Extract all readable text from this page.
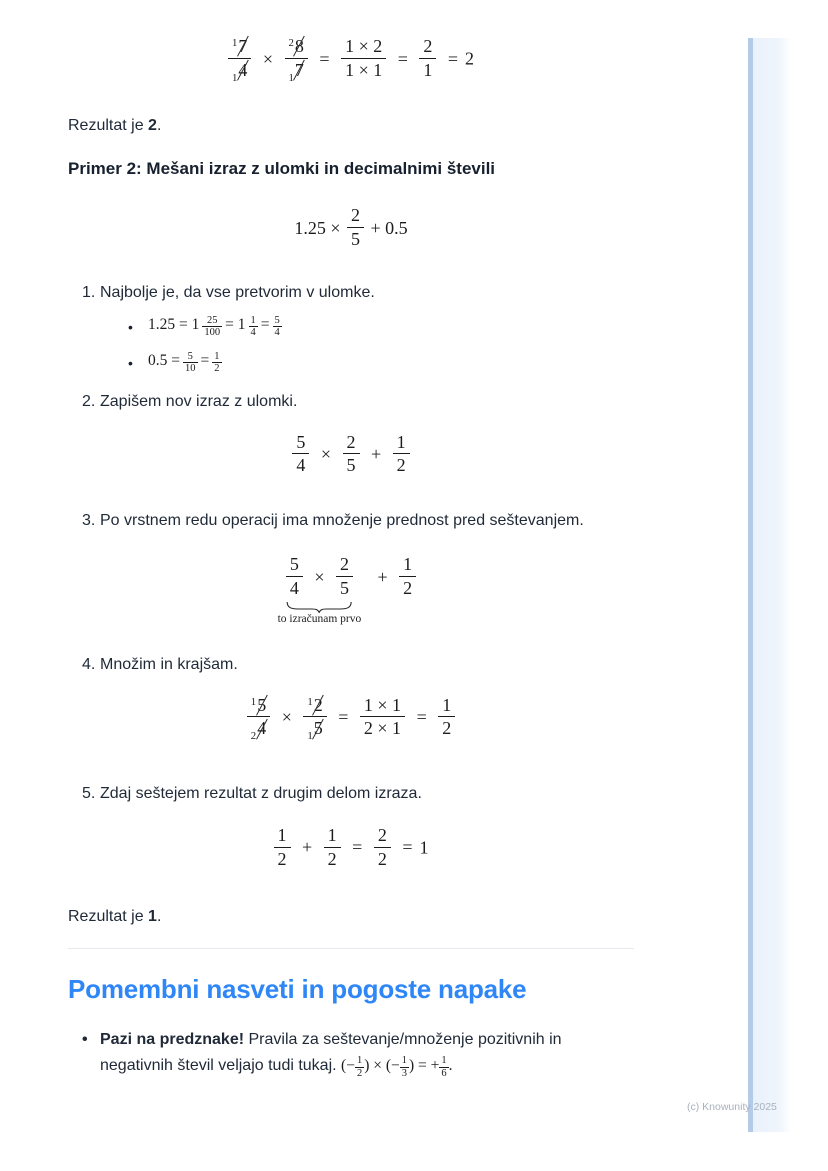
$\frac{^17}{_14} \times \frac{^28}{_17} = \frac{1 \times 2}{1 \times 1} = \frac{2}{1} = 2$

Rezultat je 2.

Primer 2: Mešani izraz z ulomki in decimalnimi števili
$1.25 \times \frac{2}{5} + 0.5$
1. Najbolje je, da vse pretvorim v ulomke.
• $1.25 = 1 \frac{25}{100} = 1 \frac{1}{4} = \frac{5}{4}$
• $0.5 = \frac{5}{10} = \frac{1}{2}$
2. Zapišem nov izraz z ulomki.
$\frac{5}{4} \times \frac{2}{5} + \frac{1}{2}$
3. Po vrstnem redu operacij ima množenje prednost pred seštevanjem.
$\frac{5}{4} \times \frac{2}{5}$
to izračunam prvo
+ $\frac{1}{2}$
4. Množim in krajšam.
$\frac{^15}{_24} \times \frac{^12}{_15} = \frac{1 \times 1}{2 \times 1} = \frac{1}{2}$
5. Zdaj seštejem rezultat z drugim delom izraza.
$\frac{1}{2} + \frac{1}{2} = \frac{2}{2} = 1$

Rezultat je 1.

Pomembni nasveti in pogoste napake
• Pazi na predznake! Pravila za seštevanje/množenje pozitivnih in negativnih števil veljajo tudi tukaj. (− $\frac{1}{2}$ ) × (− $\frac{1}{3}$ ) = + $\frac{1}{6}$ .
(c) Knowunity 2025
